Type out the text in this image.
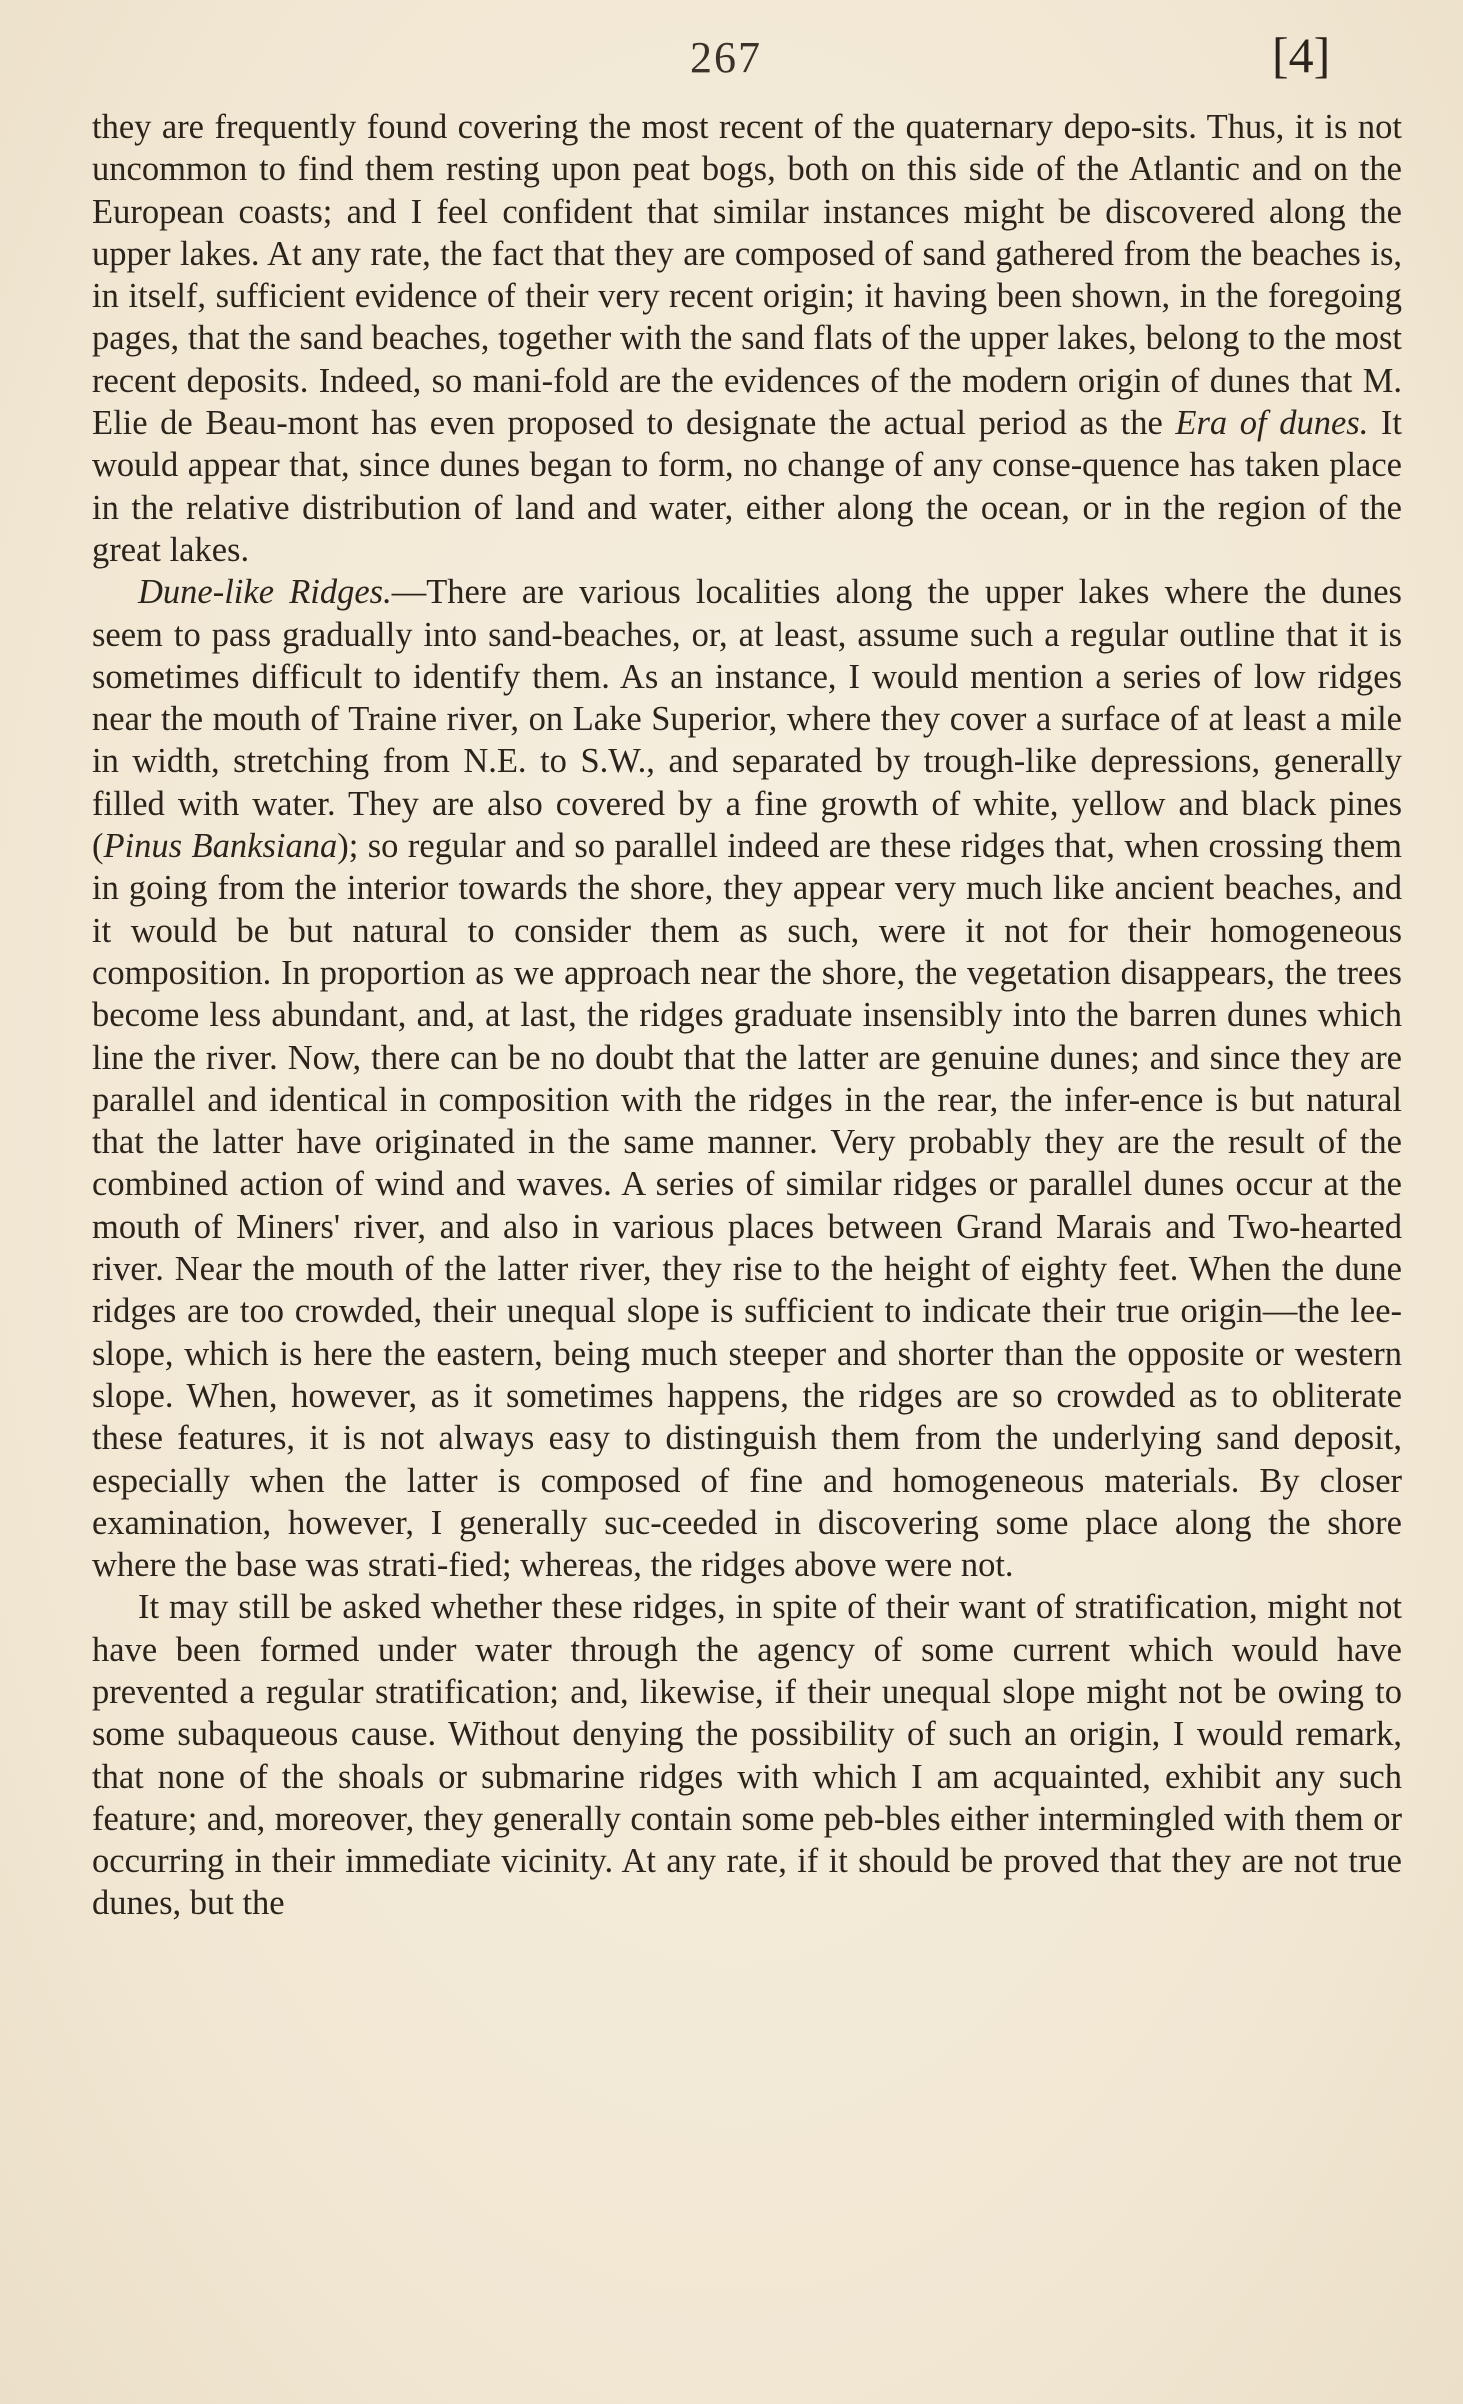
267	[4]

they are frequently found covering the most recent of the quaternary depo-sits. Thus, it is not uncommon to find them resting upon peat bogs, both on this side of the Atlantic and on the European coasts; and I feel confident that similar instances might be discovered along the upper lakes. At any rate, the fact that they are composed of sand gathered from the beaches is, in itself, sufficient evidence of their very recent origin; it having been shown, in the foregoing pages, that the sand beaches, together with the sand flats of the upper lakes, belong to the most recent deposits. Indeed, so mani-fold are the evidences of the modern origin of dunes that M. Elie de Beau-mont has even proposed to designate the actual period as the Era of dunes. It would appear that, since dunes began to form, no change of any conse-quence has taken place in the relative distribution of land and water, either along the ocean, or in the region of the great lakes.

Dune-like Ridges.—There are various localities along the upper lakes where the dunes seem to pass gradually into sand-beaches, or, at least, assume such a regular outline that it is sometimes difficult to identify them. As an instance, I would mention a series of low ridges near the mouth of Traine river, on Lake Superior, where they cover a surface of at least a mile in width, stretching from N.E. to S.W., and separated by trough-like depressions, generally filled with water. They are also covered by a fine growth of white, yellow and black pines (Pinus Banksiana); so regular and so parallel indeed are these ridges that, when crossing them in going from the interior towards the shore, they appear very much like ancient beaches, and it would be but natural to consider them as such, were it not for their homogeneous composition. In proportion as we approach near the shore, the vegetation disappears, the trees become less abundant, and, at last, the ridges graduate insensibly into the barren dunes which line the river. Now, there can be no doubt that the latter are genuine dunes; and since they are parallel and identical in composition with the ridges in the rear, the infer-ence is but natural that the latter have originated in the same manner. Very probably they are the result of the combined action of wind and waves. A series of similar ridges or parallel dunes occur at the mouth of Miners' river, and also in various places between Grand Marais and Two-hearted river. Near the mouth of the latter river, they rise to the height of eighty feet. When the dune ridges are too crowded, their unequal slope is sufficient to indicate their true origin—the lee-slope, which is here the eastern, being much steeper and shorter than the opposite or western slope. When, however, as it sometimes happens, the ridges are so crowded as to obliterate these features, it is not always easy to distinguish them from the underlying sand deposit, especially when the latter is composed of fine and homogeneous materials. By closer examination, however, I generally suc-ceeded in discovering some place along the shore where the base was strati-fied; whereas, the ridges above were not.

It may still be asked whether these ridges, in spite of their want of stratification, might not have been formed under water through the agency of some current which would have prevented a regular stratification; and, likewise, if their unequal slope might not be owing to some subaqueous cause. Without denying the possibility of such an origin, I would remark, that none of the shoals or submarine ridges with which I am acquainted, exhibit any such feature; and, moreover, they generally contain some peb-bles either intermingled with them or occurring in their immediate vicinity. At any rate, if it should be proved that they are not true dunes, but the
